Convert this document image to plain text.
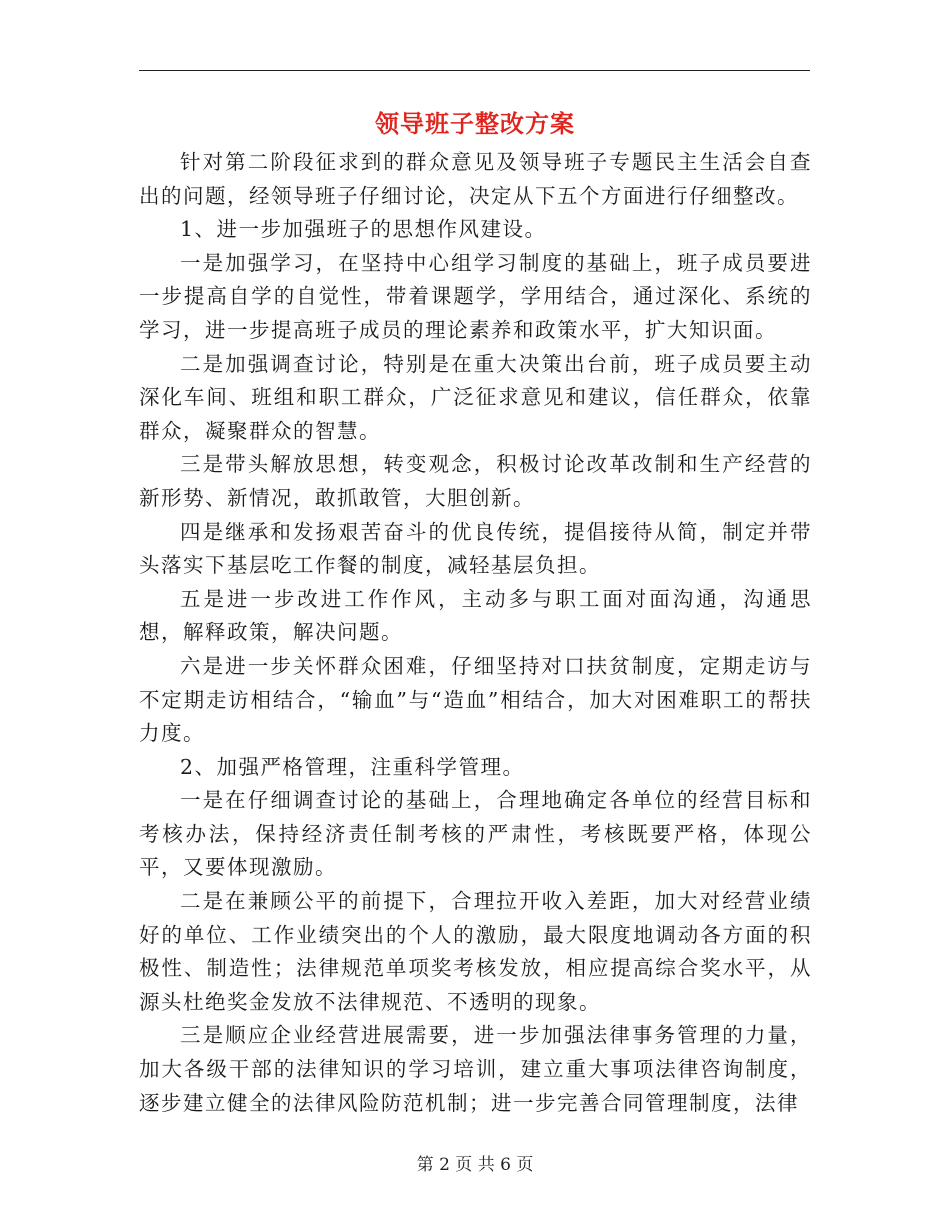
领导班子整改方案

针对第二阶段征求到的群众意见及领导班子专题民主生活会自查出的问题，经领导班子仔细讨论，决定从下五个方面进行仔细整改。

1、进一步加强班子的思想作风建设。

一是加强学习，在坚持中心组学习制度的基础上，班子成员要进一步提高自学的自觉性，带着课题学，学用结合，通过深化、系统的学习，进一步提高班子成员的理论素养和政策水平，扩大知识面。

二是加强调查讨论，特别是在重大决策出台前，班子成员要主动深化车间、班组和职工群众，广泛征求意见和建议，信任群众，依靠群众，凝聚群众的智慧。

三是带头解放思想，转变观念，积极讨论改革改制和生产经营的新形势、新情况，敢抓敢管，大胆创新。

四是继承和发扬艰苦奋斗的优良传统，提倡接待从简，制定并带头落实下基层吃工作餐的制度，减轻基层负担。

五是进一步改进工作作风，主动多与职工面对面沟通，沟通思想，解释政策，解决问题。

六是进一步关怀群众困难，仔细坚持对口扶贫制度，定期走访与不定期走访相结合，“输血”与“造血”相结合，加大对困难职工的帮扶力度。

2、加强严格管理，注重科学管理。

一是在仔细调查讨论的基础上，合理地确定各单位的经营目标和考核办法，保持经济责任制考核的严肃性，考核既要严格，体现公平，又要体现激励。

二是在兼顾公平的前提下，合理拉开收入差距，加大对经营业绩好的单位、工作业绩突出的个人的激励，最大限度地调动各方面的积极性、制造性；法律规范单项奖考核发放，相应提高综合奖水平，从源头杜绝奖金发放不法律规范、不透明的现象。

三是顺应企业经营进展需要，进一步加强法律事务管理的力量，加大各级干部的法律知识的学习培训，建立重大事项法律咨询制度，逐步建立健全的法律风险防范机制；进一步完善合同管理制度，法律

第 2 页 共 6 页
